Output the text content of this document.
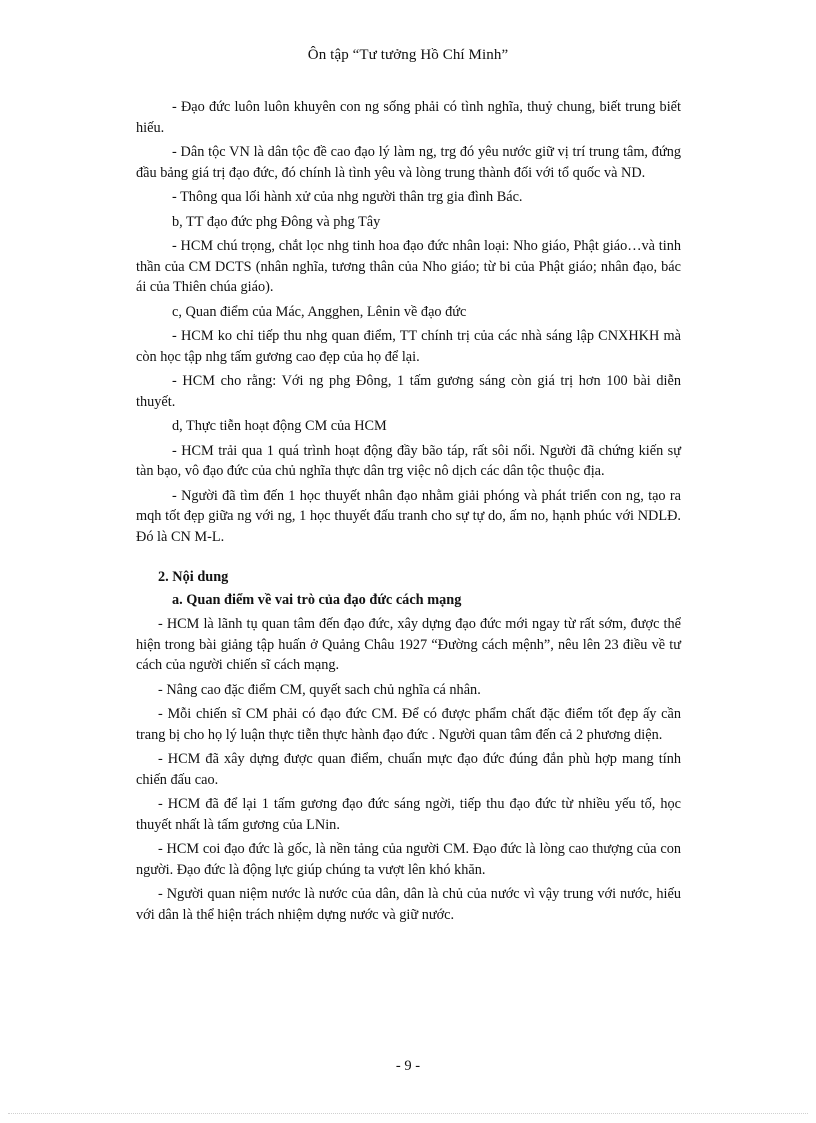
Ôn tập “Tư tưởng Hồ Chí Minh”

- Đạo đức luôn luôn khuyên con ng sống phải có tình nghĩa, thuỷ chung, biết trung biết hiếu.

- Dân tộc VN là dân tộc đề cao đạo lý làm ng, trg đó yêu nước giữ vị trí trung tâm, đứng đầu bảng giá trị đạo đức, đó chính là tình yêu và lòng trung thành đối với tổ quốc và ND.

- Thông qua lối hành xử của nhg người thân trg gia đình Bác.

b, TT đạo đức phg Đông và phg Tây

- HCM chú trọng, chắt lọc nhg tinh hoa đạo đức nhân loại: Nho giáo, Phật giáo…và tinh thần của CM DCTS (nhân nghĩa, tương thân của Nho giáo; từ bi của Phật giáo; nhân đạo, bác ái của Thiên chúa giáo).

c, Quan điểm của Mác, Angghen, Lênin về đạo đức

- HCM ko chỉ tiếp thu nhg quan điểm, TT chính trị của các nhà sáng lập CNXHKH mà còn học tập nhg tấm gương cao đẹp của họ để lại.

- HCM cho rằng: Với ng phg Đông, 1 tấm gương sáng còn giá trị hơn 100 bài diễn thuyết.

d, Thực tiễn hoạt động CM của HCM

- HCM trải qua 1 quá trình hoạt động đầy bão táp, rất sôi nổi. Người đã chứng kiến sự tàn bạo, vô đạo đức của chủ nghĩa thực dân trg việc nô dịch các dân tộc thuộc địa.

- Người đã tìm đến 1 học thuyết nhân đạo nhằm giải phóng và phát triển con ng, tạo ra mqh tốt đẹp giữa ng với ng, 1 học thuyết đấu tranh cho sự tự do, ấm no, hạnh phúc với NDLĐ. Đó là CN M-L.

2. Nội dung

a. Quan điểm về vai trò của đạo đức cách mạng

- HCM là lãnh tụ quan tâm đến đạo đức, xây dựng đạo đức mới ngay từ rất sớm, được thể hiện trong bài giảng tập huấn ở Quảng Châu 1927 “Đường cách mệnh”, nêu lên 23 điều về tư cách của người chiến sĩ cách mạng.

- Nâng cao đặc điểm CM, quyết sach chủ nghĩa cá nhân.

- Mỗi chiến sĩ CM phải có đạo đức CM. Để có được phẩm chất đặc điểm tốt đẹp ấy cần trang bị cho họ lý luận thực tiễn thực hành đạo đức . Người quan tâm đến cả 2 phương diện.

- HCM đã xây dựng được quan điểm, chuẩn mực đạo đức đúng đắn phù hợp mang tính chiến đấu cao.

- HCM đã để lại 1 tấm gương đạo đức sáng ngời, tiếp thu đạo đức từ nhiều yếu tố, học thuyết nhất là tấm gương của LNin.

- HCM coi đạo đức là gốc, là nền tảng của người CM. Đạo đức là lòng cao thượng của con người. Đạo đức là động lực giúp chúng ta vượt lên khó khăn.

- Người quan niệm nước là nước của dân, dân là chủ của nước vì vậy trung với nước, hiếu với dân là thể hiện trách nhiệm dựng nước và giữ nước.

- 9 -
